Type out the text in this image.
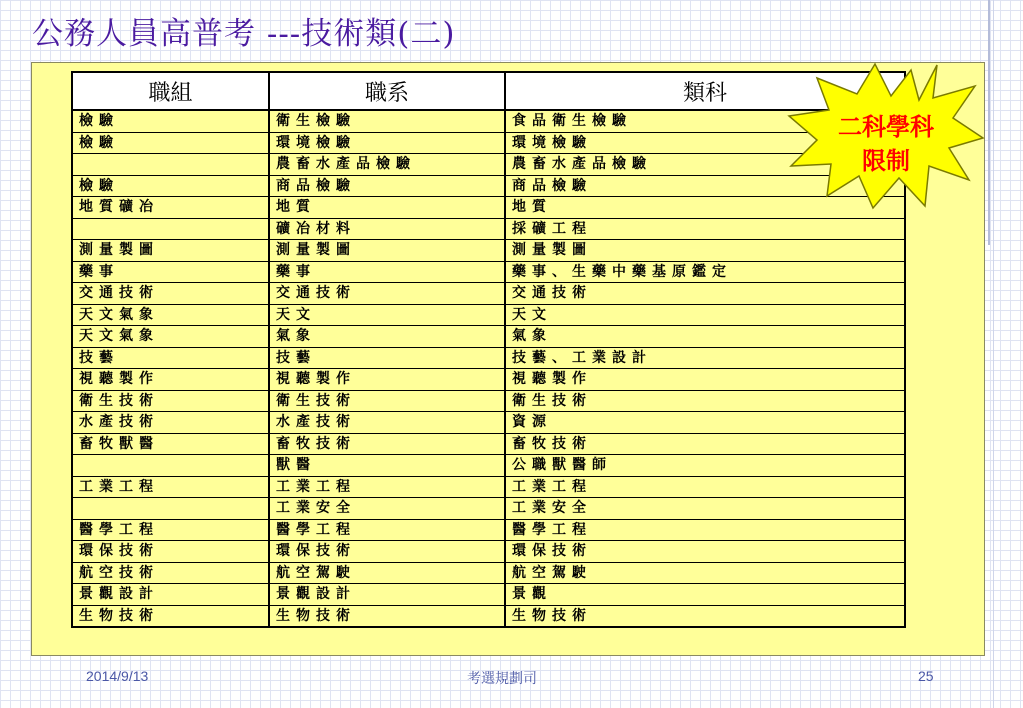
公務人員高普考 ---技術類(二)
職組	職系	類科
檢驗	衛生檢驗	食品衛生檢驗
檢驗	環境檢驗	環境檢驗
	農畜水產品檢驗	農畜水產品檢驗
檢驗	商品檢驗	商品檢驗
地質礦冶	地質	地質
	礦冶材料	採礦工程
測量製圖	測量製圖	測量製圖
藥事	藥事	藥事、生藥中藥基原鑑定
交通技術	交通技術	交通技術
天文氣象	天文	天文
天文氣象	氣象	氣象
技藝	技藝	技藝、工業設計
視聽製作	視聽製作	視聽製作
衛生技術	衛生技術	衛生技術
水產技術	水產技術	資源
畜牧獸醫	畜牧技術	畜牧技術
	獸醫	公職獸醫師
工業工程	工業工程	工業工程
	工業安全	工業安全
醫學工程	醫學工程	醫學工程
環保技術	環保技術	環保技術
航空技術	航空駕駛	航空駕駛
景觀設計	景觀設計	景觀
生物技術	生物技術	生物技術
二科學科
限制
2014/9/13	考選規劃司	25
